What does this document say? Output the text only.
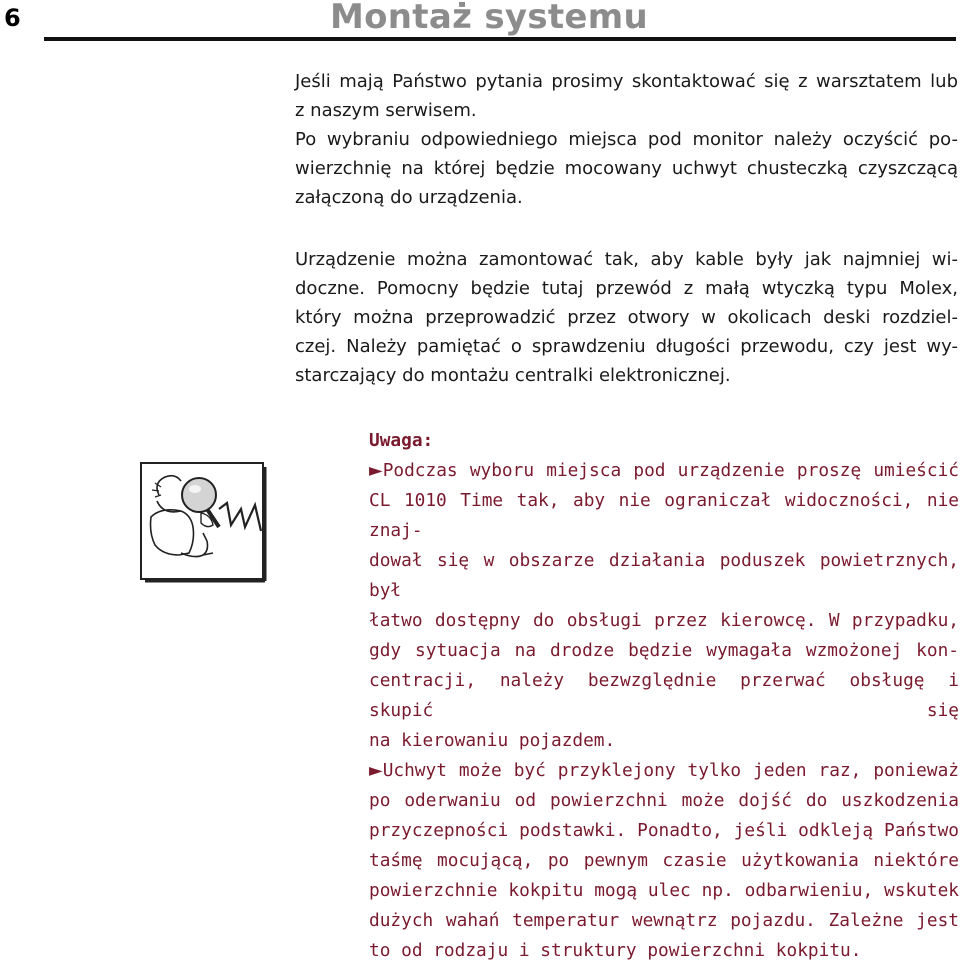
6	Montaż systemu
Jeśli mają Państwo pytania prosimy skontaktować się z warsztatem lub
z naszym serwisem.
Po wybraniu odpowiedniego miejsca pod monitor należy oczyścić po-
wierzchnię na której będzie mocowany uchwyt chusteczką czyszczącą
załączoną do urządzenia.
Urządzenie można zamontować tak, aby kable były jak najmniej wi-
doczne. Pomocny będzie tutaj przewód z małą wtyczką typu Molex,
który można przeprowadzić przez otwory w okolicach deski rozdziel-
czej. Należy pamiętać o sprawdzeniu długości przewodu, czy jest wy-
starczający do montażu centralki elektronicznej.
Uwaga:
►Podczas wyboru miejsca pod urządzenie proszę umieścić
CL 1010 Time tak, aby nie ograniczał widoczności, nie znaj-
dował się w obszarze działania poduszek powietrznych, był
łatwo dostępny do obsługi przez kierowcę. W przypadku,
gdy sytuacja na drodze będzie wymagała wzmożonej kon-
centracji, należy bezwzględnie przerwać obsługę i skupić się
na kierowaniu pojazdem.
►Uchwyt może być przyklejony tylko jeden raz, ponieważ
po oderwaniu od powierzchni może dojść do uszkodzenia
przyczepności podstawki. Ponadto, jeśli odkleją Państwo
taśmę mocującą, po pewnym czasie użytkowania niektóre
powierzchnie kokpitu mogą ulec np. odbarwieniu, wskutek
dużych wahań temperatur wewnątrz pojazdu. Zależne jest
to od rodzaju i struktury powierzchni kokpitu.
